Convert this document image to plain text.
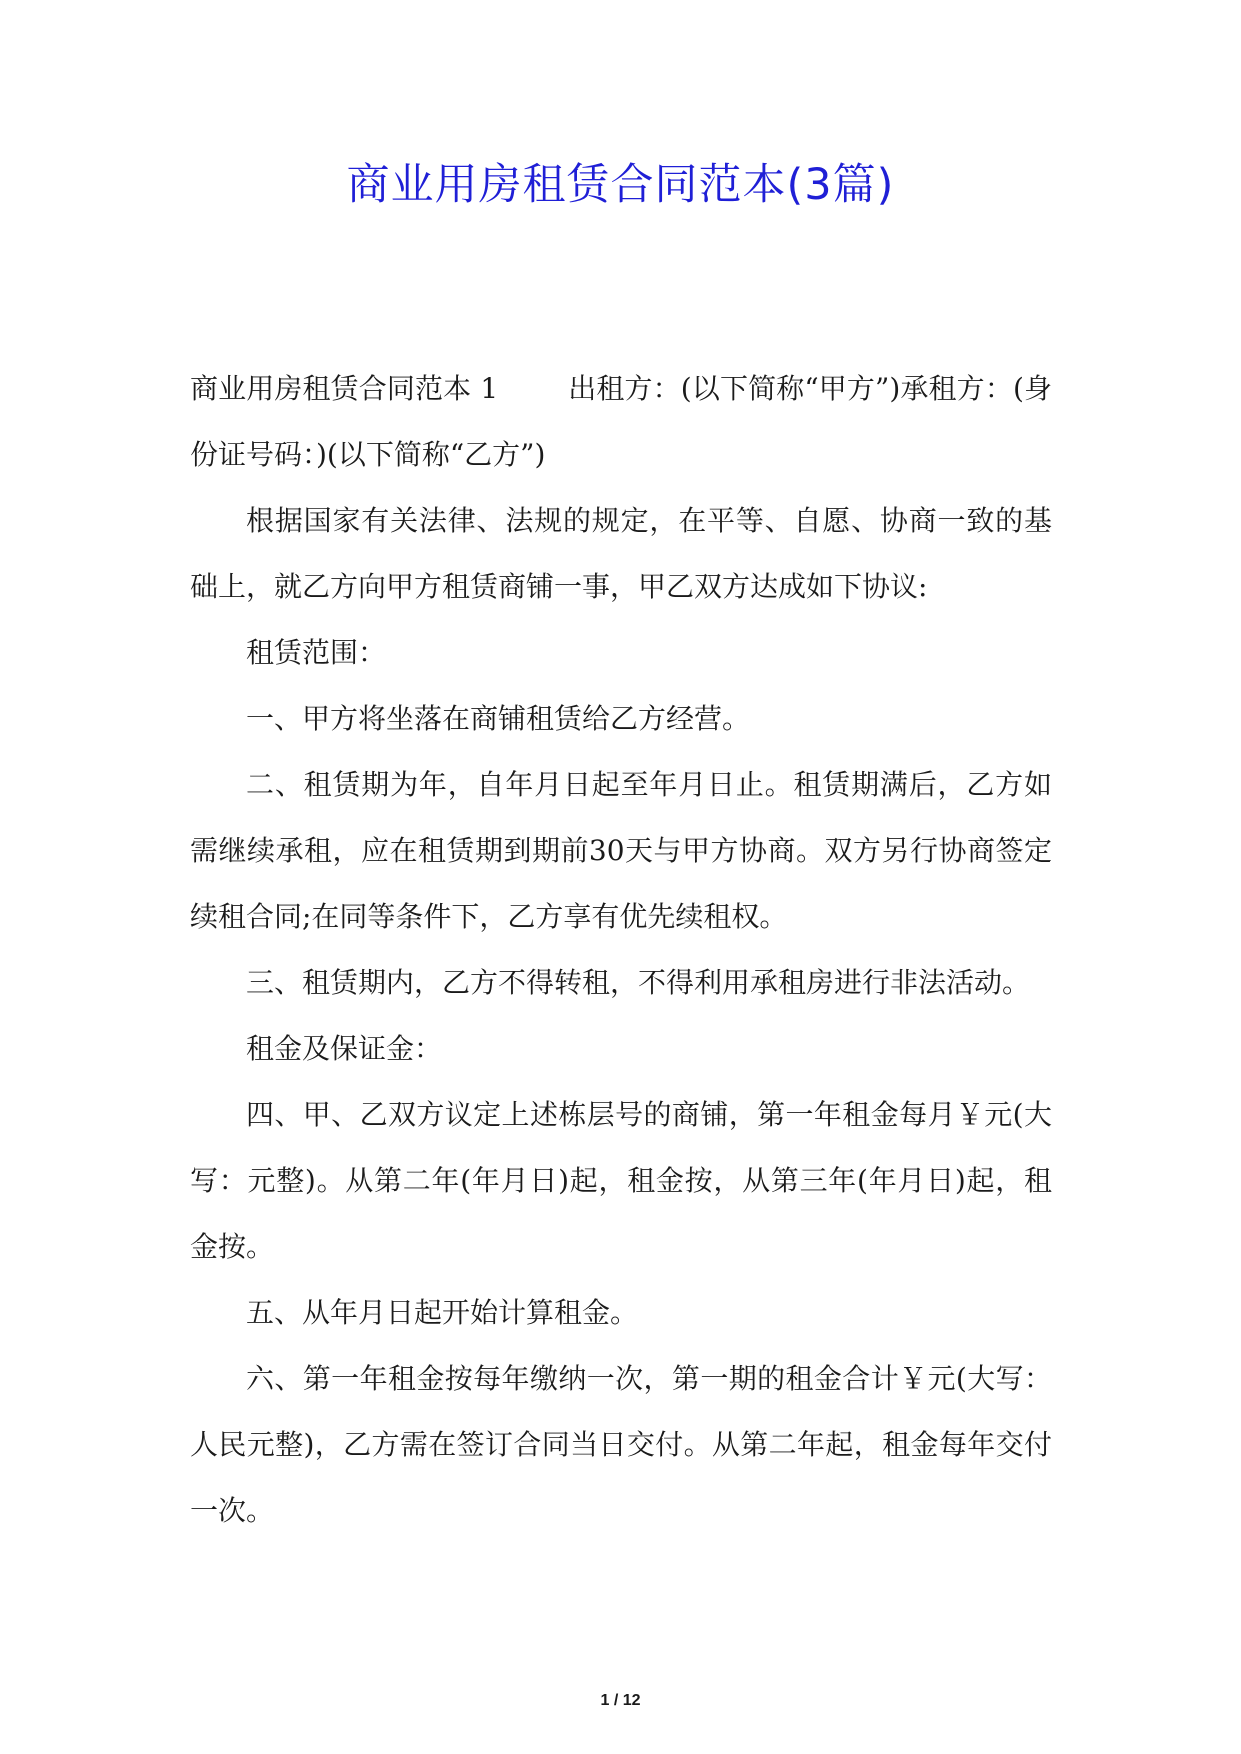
商业用房租赁合同范本(3篇)

商业用房租赁合同范本 1	出租方：(以下简称“甲方”)承租方：(身份证号码：)(以下简称“乙方”)

根据国家有关法律、法规的规定，在平等、自愿、协商一致的基础上，就乙方向甲方租赁商铺一事，甲乙双方达成如下协议:

租赁范围：

一、甲方将坐落在商铺租赁给乙方经营。

二、租赁期为年，自年月日起至年月日止。租赁期满后，乙方如需继续承租，应在租赁期到期前30天与甲方协商。双方另行协商签定续租合同;在同等条件下，乙方享有优先续租权。

三、租赁期内，乙方不得转租，不得利用承租房进行非法活动。

租金及保证金：

四、甲、乙双方议定上述栋层号的商铺，第一年租金每月￥元(大写：元整)。从第二年(年月日)起，租金按，从第三年(年月日)起，租金按。

五、从年月日起开始计算租金。

六、第一年租金按每年缴纳一次，第一期的租金合计￥元(大写：人民元整)，乙方需在签订合同当日交付。从第二年起，租金每年交付一次。

1 / 12
